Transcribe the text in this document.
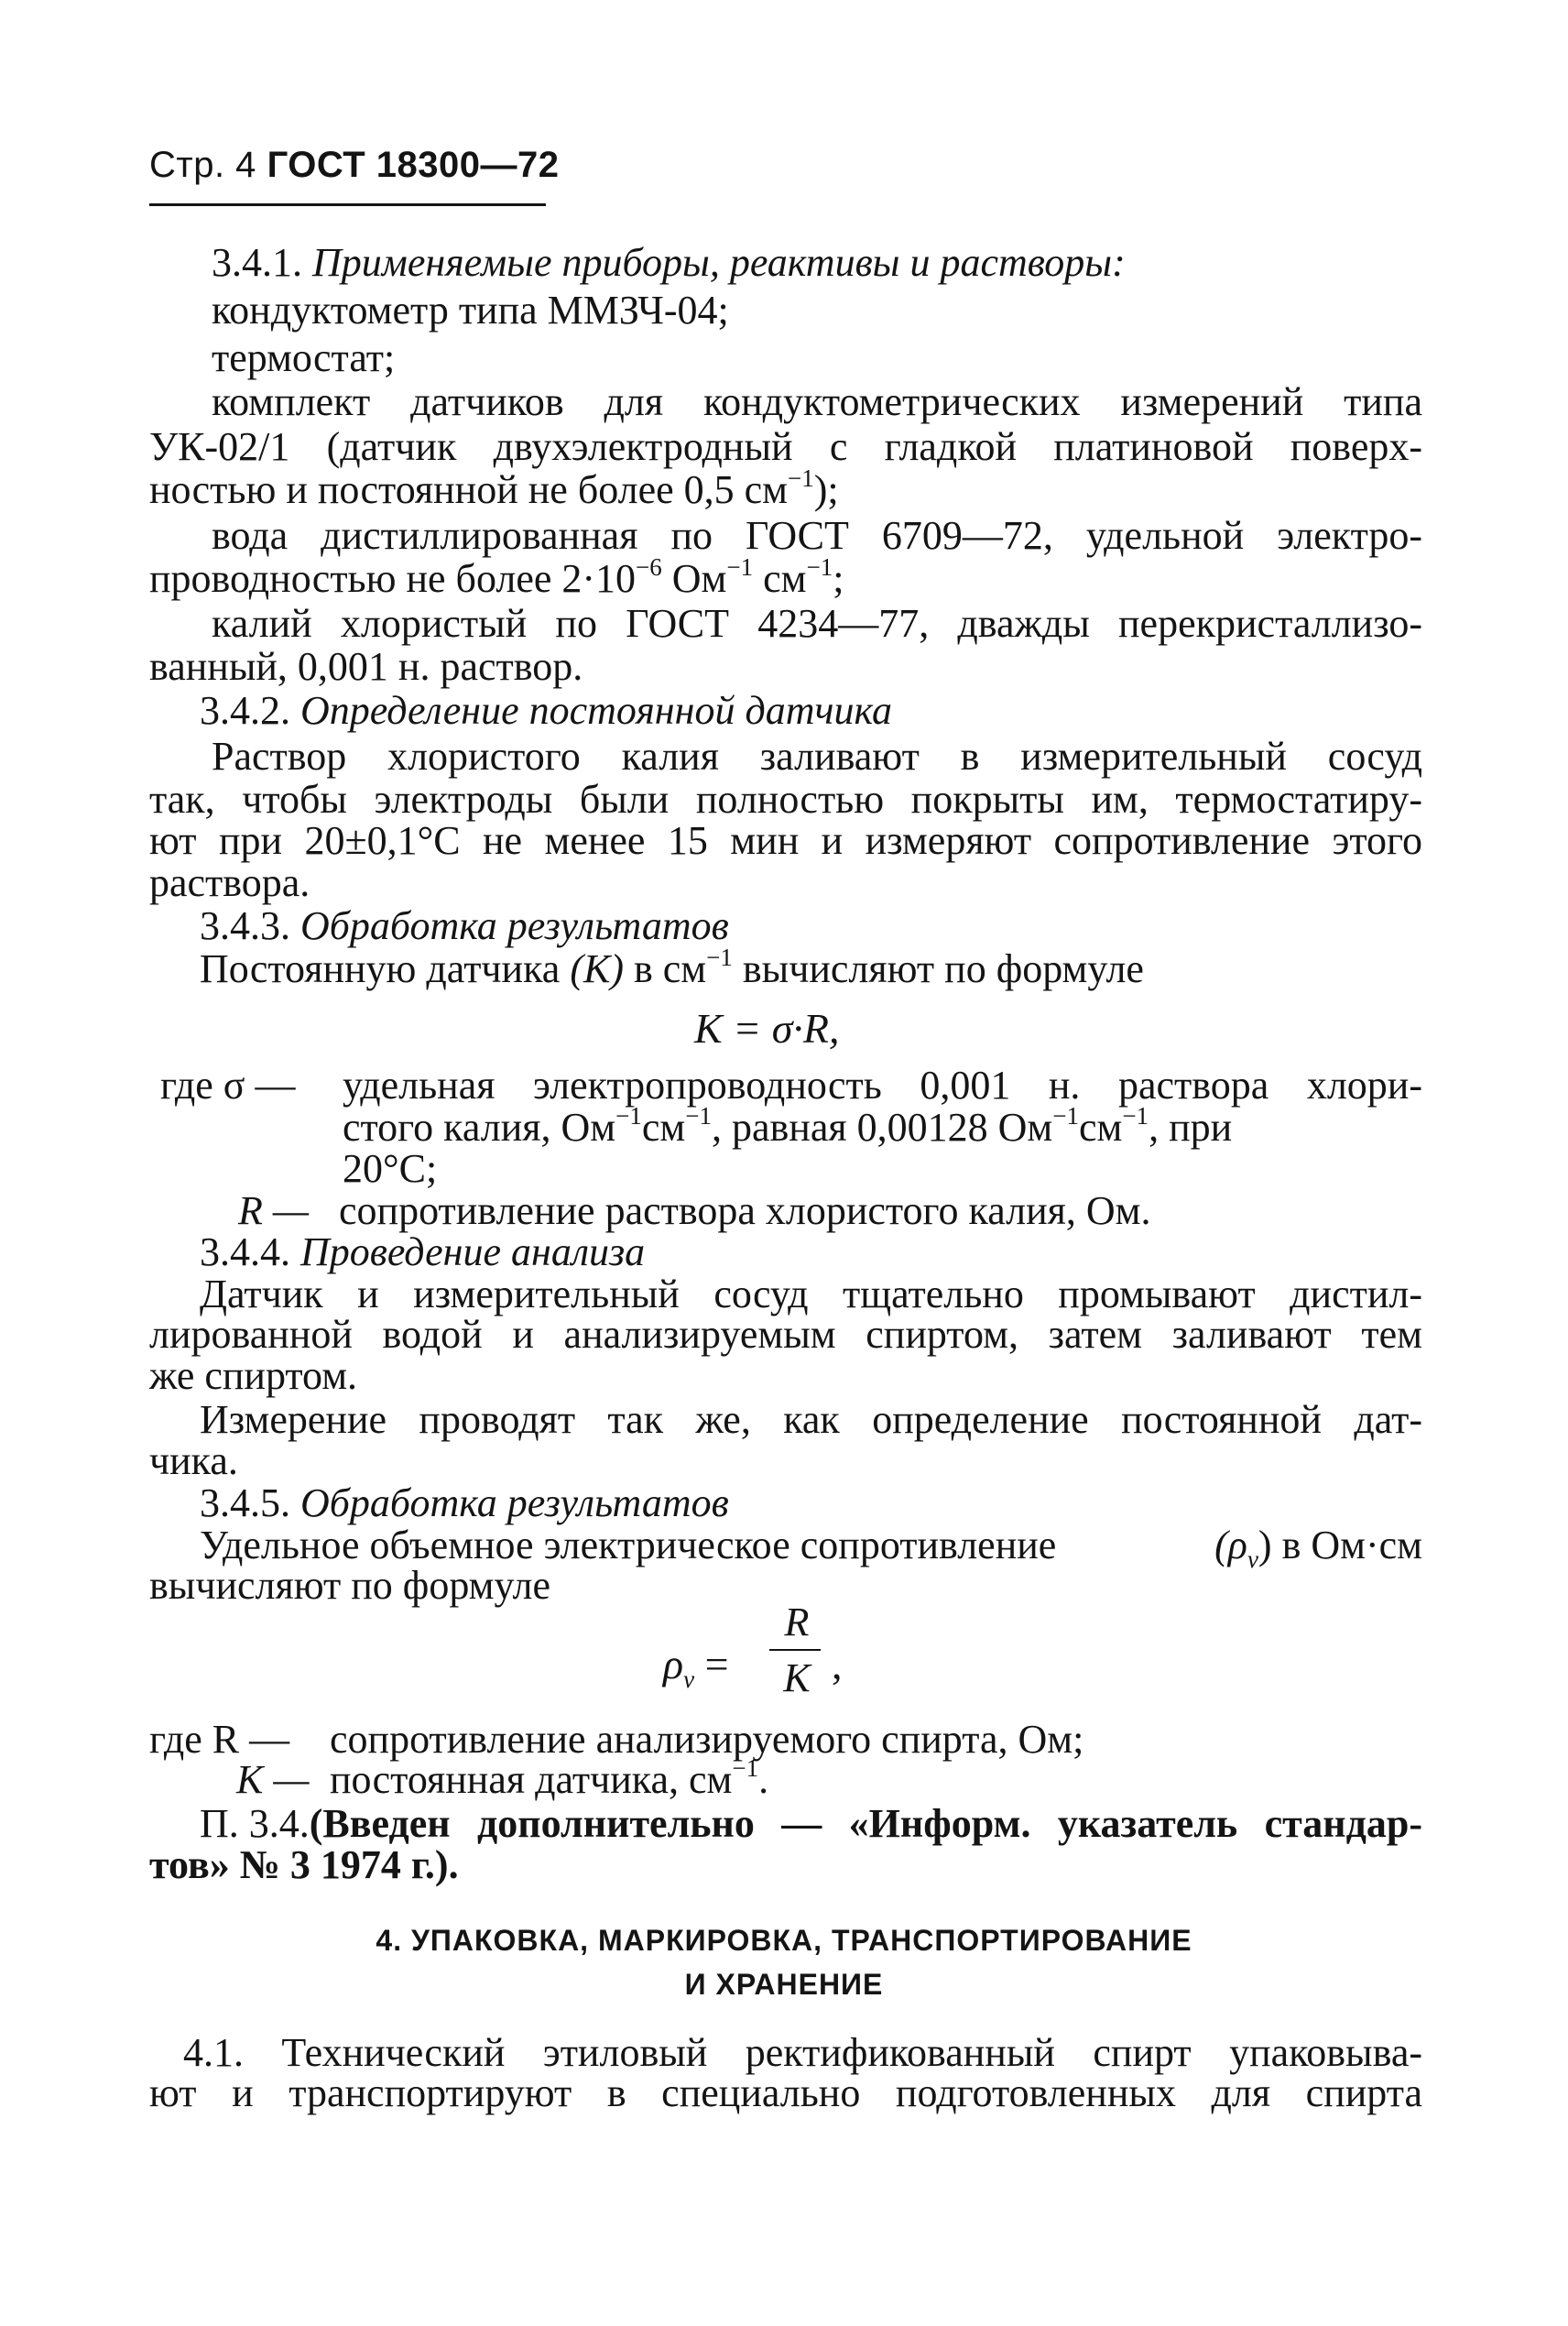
Стр. 4 ГОСТ 18300—72
3.4.1. Применяемые приборы, реактивы и растворы:
кондуктометр типа ММЗЧ-04;
термостат;
комплект датчиков для кондуктометрических измерений типа
УК-02/1 (датчик двухэлектродный с гладкой платиновой поверх-
ностью и постоянной не более 0,5 $см^{-1}$);
вода дистиллированная по ГОСТ 6709—72, удельной электро-
проводностью не более $2\cdot 10^{-6}$ $Ом^{-1}$ $см^{-1}$;
калий хлористый по ГОСТ 4234—77, дважды перекристаллизо-
ванный, 0,001 н. раствор.
3.4.2. Определение постоянной датчика
Раствор хлористого калия заливают в измерительный сосуд
так, чтобы электроды были полностью покрыты им, термостатиру-
ют при 20±0,1°С не менее 15 мин и измеряют сопротивление этого
раствора.
3.4.3. Обработка результатов
Постоянную датчика (K) в $см^{-1}$ вычисляют по формуле
K = σ·R,
где σ — удельная электропроводность 0,001 н. раствора хлори-
стого калия, $Ом^{-1}см^{-1}$, равная 0,00128 $Ом^{-1}см^{-1}$, при
20°С;
R — сопротивление раствора хлористого калия, Ом.
3.4.4. Проведение анализа
Датчик и измерительный сосуд тщательно промывают дистил-
лированной водой и анализируемым спиртом, затем заливают тем
же спиртом.
Измерение проводят так же, как определение постоянной дат-
чика.
3.4.5. Обработка результатов
Удельное объемное электрическое сопротивление	$(\rho_v)$ в Ом·см
вычисляют по формуле
$\rho_v$ =
R
K ,
где R — сопротивление анализируемого спирта, Ом;
K — постоянная датчика, $см^{-1}$.
П. 3.4. (Введен дополнительно — «Информ. указатель стандар-
тов» № 3 1974 г.).
4. УПАКОВКА, МАРКИРОВКА, ТРАНСПОРТИРОВАНИЕ
И ХРАНЕНИЕ
4.1. Технический этиловый ректификованный спирт упаковыва-
ют и транспортируют в специально подготовленных для спирта
